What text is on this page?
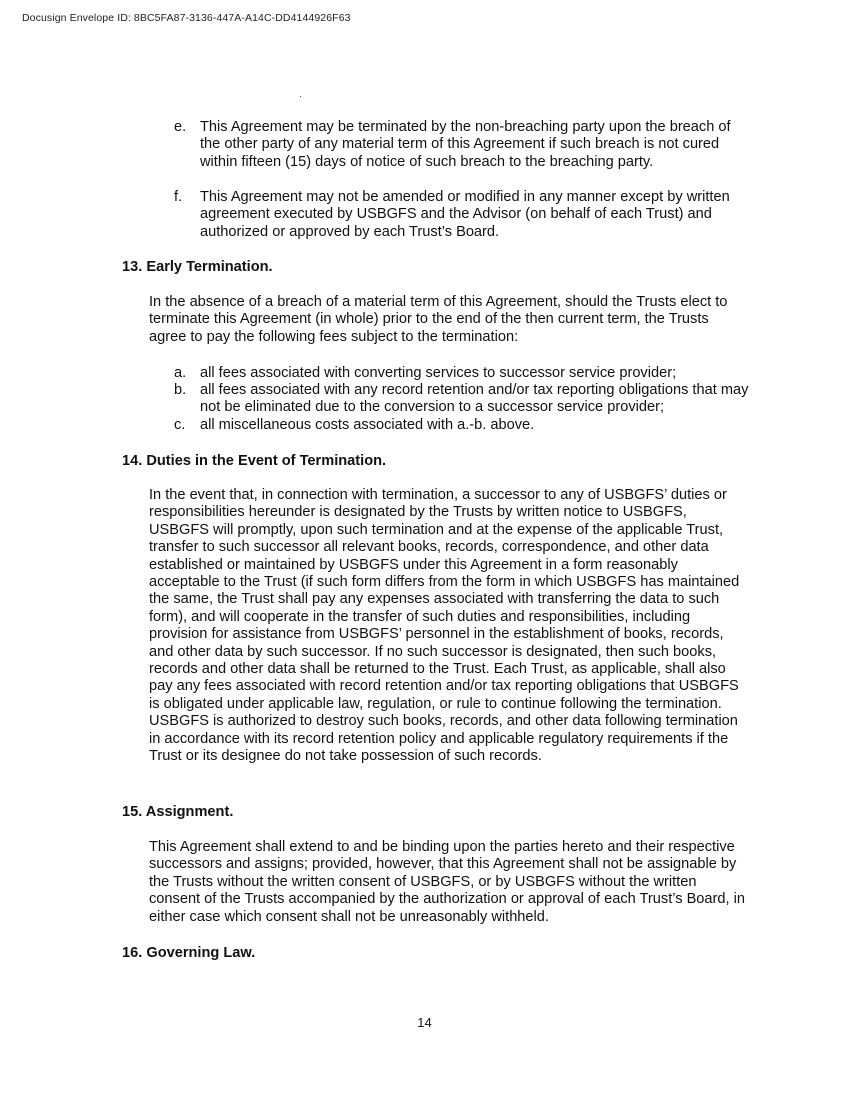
Docusign Envelope ID: 8BC5FA87-3136-447A-A14C-DD4144926F63
e. This Agreement may be terminated by the non-breaching party upon the breach of the other party of any material term of this Agreement if such breach is not cured within fifteen (15) days of notice of such breach to the breaching party.

f. This Agreement may not be amended or modified in any manner except by written agreement executed by USBGFS and the Advisor (on behalf of each Trust) and authorized or approved by each Trust’s Board.

13. Early Termination.

In the absence of a breach of a material term of this Agreement, should the Trusts elect to terminate this Agreement (in whole) prior to the end of the then current term, the Trusts agree to pay the following fees subject to the termination:

a. all fees associated with converting services to successor service provider;

b. all fees associated with any record retention and/or tax reporting obligations that may not be eliminated due to the conversion to a successor service provider;

c. all miscellaneous costs associated with a.-b. above.

14. Duties in the Event of Termination.

In the event that, in connection with termination, a successor to any of USBGFS’ duties or responsibilities hereunder is designated by the Trusts by written notice to USBGFS, USBGFS will promptly, upon such termination and at the expense of the applicable Trust, transfer to such successor all relevant books, records, correspondence, and other data established or maintained by USBGFS under this Agreement in a form reasonably acceptable to the Trust (if such form differs from the form in which USBGFS has maintained the same, the Trust shall pay any expenses associated with transferring the data to such form), and will cooperate in the transfer of such duties and responsibilities, including provision for assistance from USBGFS’ personnel in the establishment of books, records, and other data by such successor. If no such successor is designated, then such books, records and other data shall be returned to the Trust. Each Trust, as applicable, shall also pay any fees associated with record retention and/or tax reporting obligations that USBGFS is obligated under applicable law, regulation, or rule to continue following the termination. USBGFS is authorized to destroy such books, records, and other data following termination in accordance with its record retention policy and applicable regulatory requirements if the Trust or its designee do not take possession of such records.

15. Assignment.

This Agreement shall extend to and be binding upon the parties hereto and their respective successors and assigns; provided, however, that this Agreement shall not be assignable by the Trusts without the written consent of USBGFS, or by USBGFS without the written consent of the Trusts accompanied by the authorization or approval of each Trust’s Board, in either case which consent shall not be unreasonably withheld.

16. Governing Law.
14
